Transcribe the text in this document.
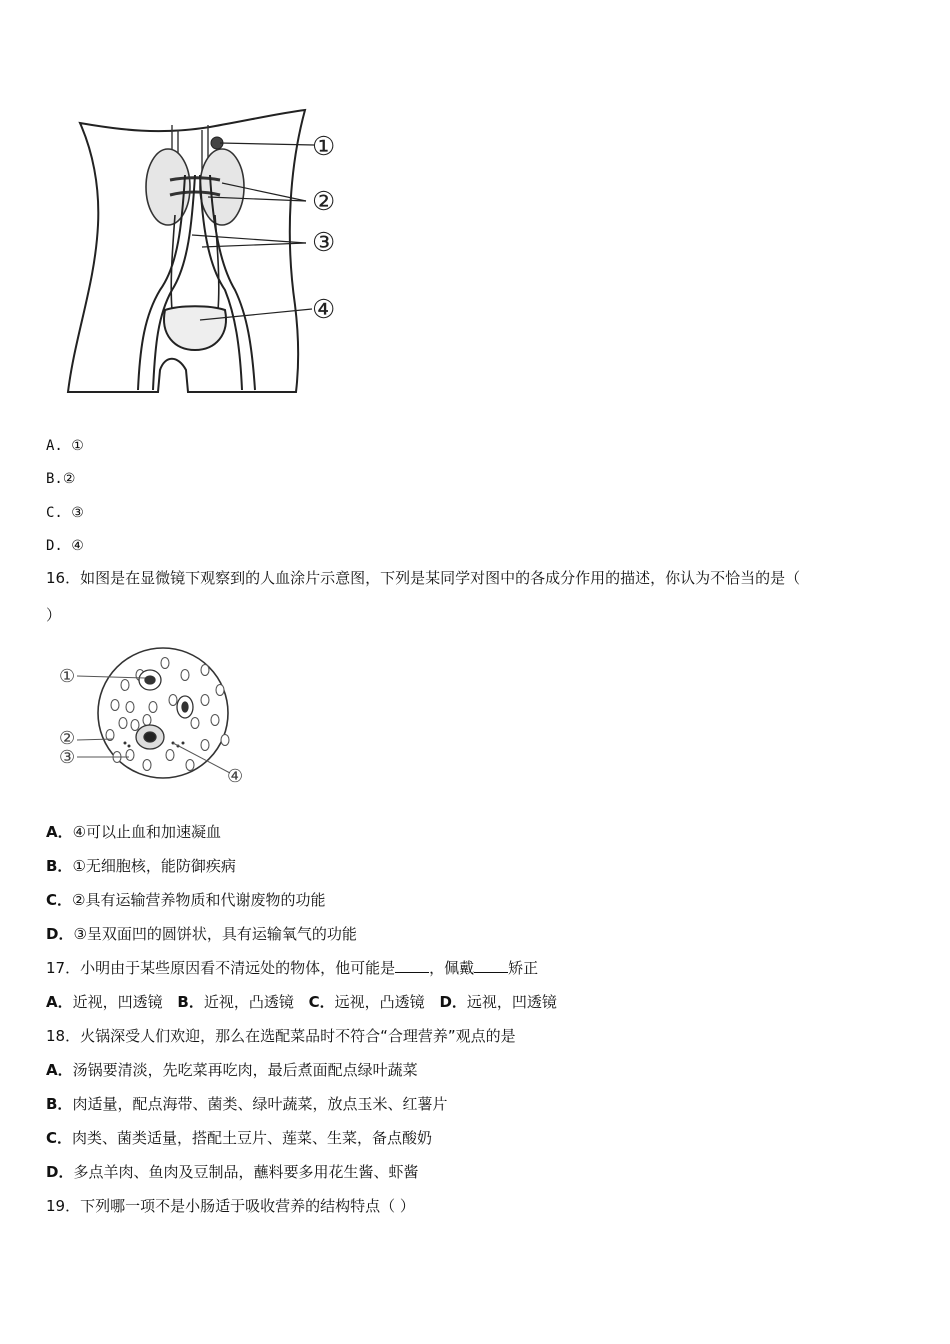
①
②
③
④
A. ①
B.②
C. ③
D. ④
16．如图是在显微镜下观察到的人血涂片示意图，下列是某同学对图中的各成分作用的描述，你认为不恰当的是（
）
①
②
③
④
A．④可以止血和加速凝血
B．①无细胞核，能防御疾病
C．②具有运输营养物质和代谢废物的功能
D．③呈双面凹的圆饼状，具有运输氧气的功能
17．小明由于某些原因看不清远处的物体，他可能是 ，佩戴 矫正
A．近视，凹透镜 B．近视，凸透镜 C．远视，凸透镜 D．远视，凹透镜
18．火锅深受人们欢迎，那么在选配菜品时不符合“合理营养”观点的是
A．汤锅要清淡，先吃菜再吃肉，最后煮面配点绿叶蔬菜
B．肉适量，配点海带、菌类、绿叶蔬菜，放点玉米、红薯片
C．肉类、菌类适量，搭配土豆片、莲菜、生菜，备点酸奶
D．多点羊肉、鱼肉及豆制品，蘸料要多用花生酱、虾酱
19．下列哪一项不是小肠适于吸收营养的结构特点（ ）
